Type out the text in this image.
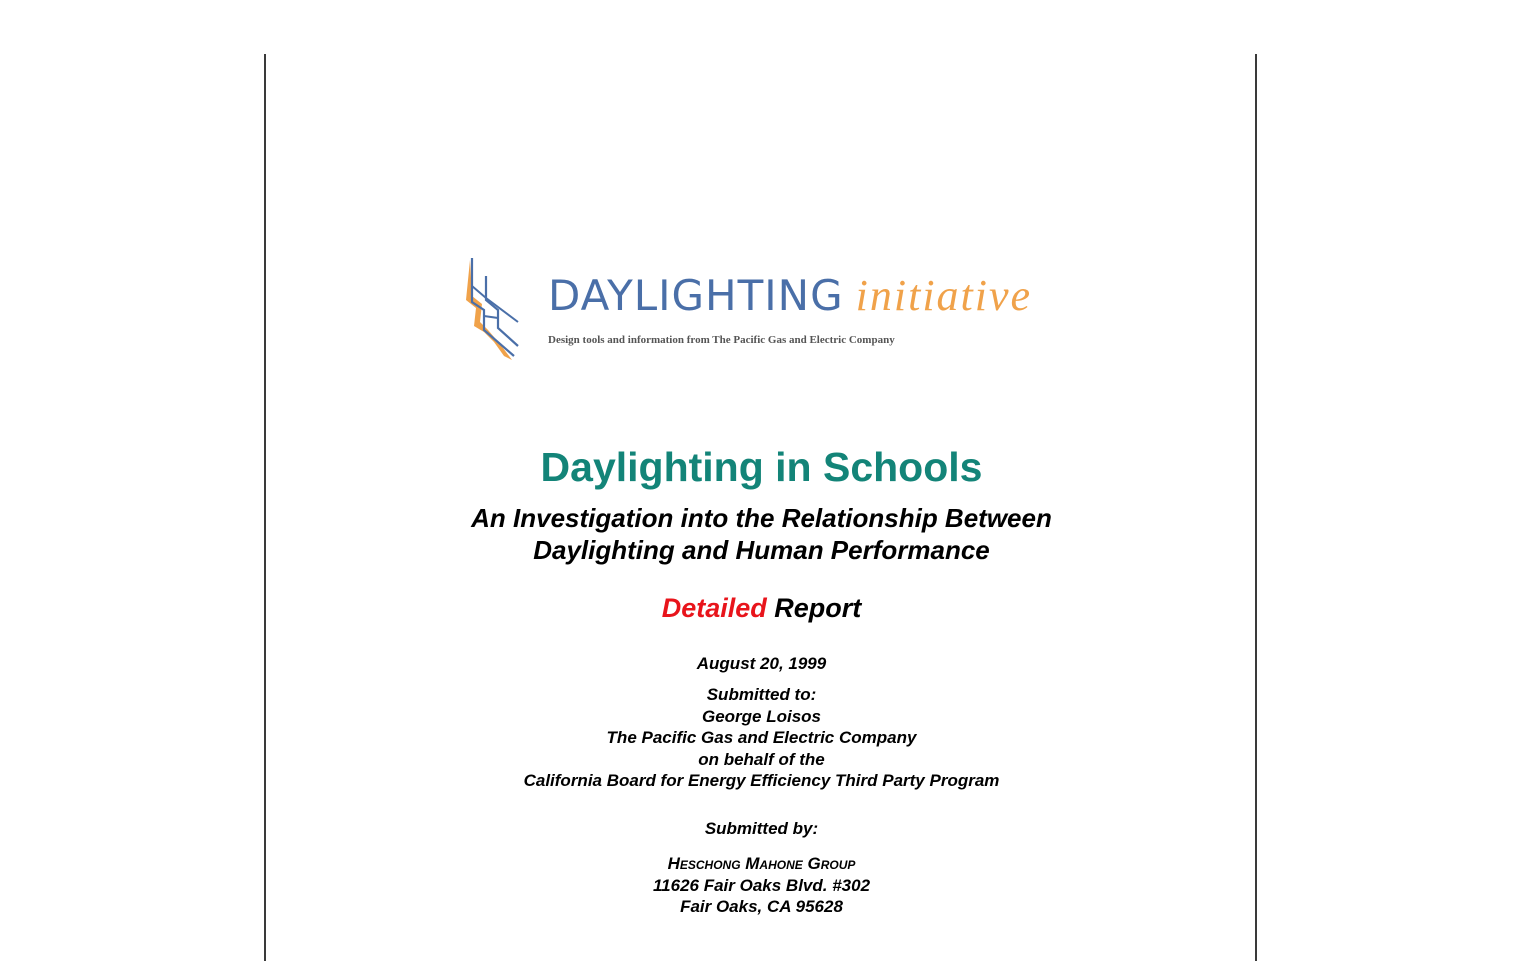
DAYLIGHTING initiative
Design tools and information from The Pacific Gas and Electric Company
Daylighting in Schools
An Investigation into the Relationship Between
Daylighting and Human Performance
Detailed Report
August 20, 1999
Submitted to:
George Loisos
The Pacific Gas and Electric Company
on behalf of the
California Board for Energy Efficiency Third Party Program
Submitted by:
Heschong Mahone Group
11626 Fair Oaks Blvd. #302
Fair Oaks, CA 95628
